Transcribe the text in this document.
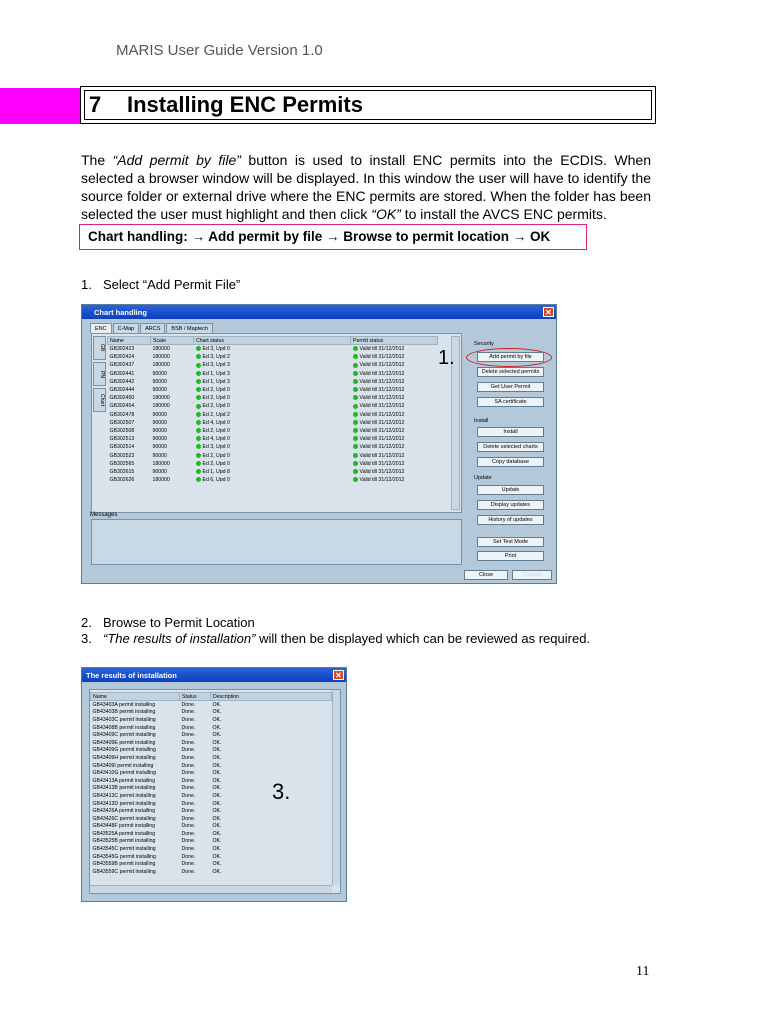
MARIS User Guide Version 1.0
7 Installing ENC Permits
The “Add permit by file” button is used to install ENC permits into the ECDIS. When selected a browser window will be displayed. In this window the user will have to identify the source folder or external drive where the ENC permits are stored. When the folder has been selected the user must highlight and then click “OK” to install the AVCS ENC permits.
Chart handling: → Add permit by file → Browse to permit location → OK
1. Select “Add Permit File”
Chart handling	✕
ENC	C-Map	ARCS	BSB / Maptech
GB
PN
Chart
Name	Scale	Chart status	Permit status
GB302423	180000	Ed 3, Upd 0	Valid till 31/12/2012
GB302424	180000	Ed 3, Upd 2	Valid till 31/12/2012
GB302437	180000	Ed 3, Upd 3	Valid till 31/12/2012
GB302441	90000	Ed 1, Upd 3	Valid till 31/12/2012
GB302442	90000	Ed 1, Upd 3	Valid till 31/12/2012
GB302444	90000	Ed 2, Upd 0	Valid till 31/12/2012
GB302450	180000	Ed 2, Upd 0	Valid till 31/12/2012
GB302454	180000	Ed 2, Upd 0	Valid till 31/12/2012
GB302478	90000	Ed 2, Upd 2	Valid till 31/12/2012
GB302507	90000	Ed 4, Upd 0	Valid till 31/12/2012
GB302508	90000	Ed 2, Upd 0	Valid till 31/12/2012
GB302513	90000	Ed 4, Upd 0	Valid till 31/12/2012
GB302514	90000	Ed 3, Upd 0	Valid till 31/12/2012
GB302523	90000	Ed 2, Upd 0	Valid till 31/12/2012
GB302565	180000	Ed 2, Upd 0	Valid till 31/12/2012
GB302615	90000	Ed 1, Upd 8	Valid till 31/12/2012
GB302626	180000	Ed 6, Upd 0	Valid till 31/12/2012
Security
1.	Add permit by file
Delete selected permits
Get User Permit
SA certificate
Install
Install
Delete selected charts
Copy database
Update
Update
Display updates
History of updates
Set Test Mode
Print
Messages
Close	Cancel
2. Browse to Permit Location
3. “The results of installation” will then be displayed which can be reviewed as required.
The results of installation	✕
Name	Status	Description
GB43403A permit installing	Done.	OK.
GB43403B permit installing	Done.	OK.
GB43403C permit installing	Done.	OK.
GB43408B permit installing	Done.	OK.
GB43409C permit installing	Done.	OK.
GB43409E permit installing	Done.	OK.
GB43409G permit installing	Done.	OK.
GB43409H permit installing	Done.	OK.
GB43409I permit installing	Done.	OK.
GB43410G permit installing	Done.	OK.
GB43413A permit installing	Done.	OK.
GB43413B permit installing	Done.	OK.
GB43413C permit installing	Done.	OK.
GB43413D permit installing	Done.	OK.
GB43426A permit installing	Done.	OK.
GB43426C permit installing	Done.	OK.
GB43448F permit installing	Done.	OK.
GB43525A permit installing	Done.	OK.
GB43525B permit installing	Done.	OK.
GB43545C permit installing	Done.	OK.
GB43545G permit installing	Done.	OK.
GB43559B permit installing	Done.	OK.
GB43559C permit installing	Done.	OK.
3.
11
